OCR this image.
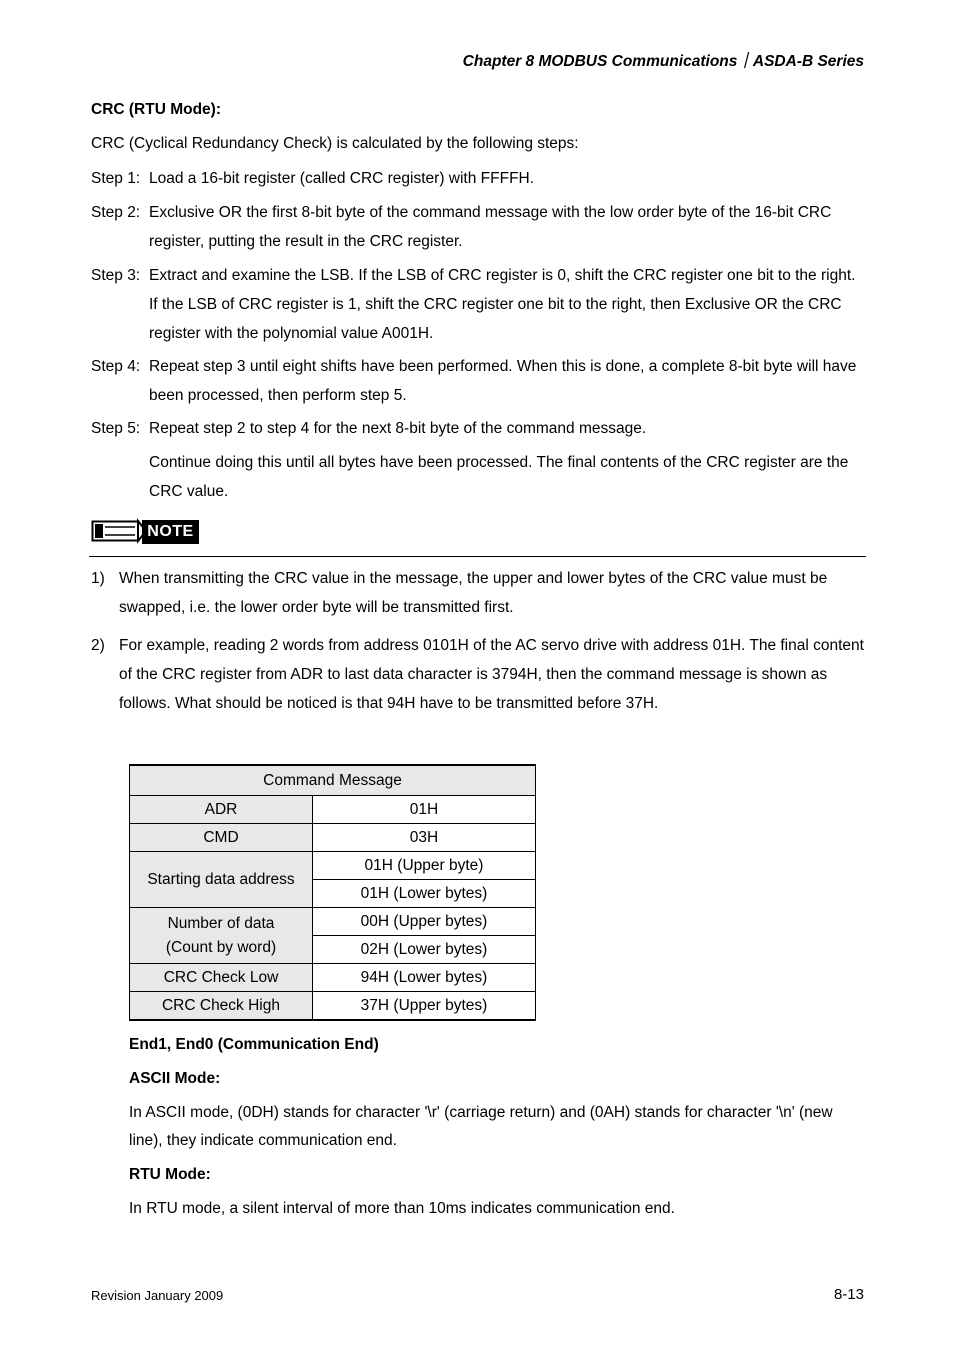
Chapter 8 MODBUS Communications｜ASDA-B Series
CRC (RTU Mode):
CRC (Cyclical Redundancy Check) is calculated by the following steps:
Step 1: Load a 16-bit register (called CRC register) with FFFFH.
Step 2: Exclusive OR the first 8-bit byte of the command message with the low order byte of the 16-bit CRC register, putting the result in the CRC register.
Step 3: Extract and examine the LSB. If the LSB of CRC register is 0, shift the CRC register one bit to the right. If the LSB of CRC register is 1, shift the CRC register one bit to the right, then Exclusive OR the CRC register with the polynomial value A001H.
Step 4: Repeat step 3 until eight shifts have been performed. When this is done, a complete 8-bit byte will have been processed, then perform step 5.
Step 5: Repeat step 2 to step 4 for the next 8-bit byte of the command message.
Continue doing this until all bytes have been processed. The final contents of the CRC register are the CRC value.
NOTE
1) When transmitting the CRC value in the message, the upper and lower bytes of the CRC value must be swapped, i.e. the lower order byte will be transmitted first.
2) For example, reading 2 words from address 0101H of the AC servo drive with address 01H. The final content of the CRC register from ADR to last data character is 3794H, then the command message is shown as follows. What should be noticed is that 94H have to be transmitted before 37H.
Command Message	
ADR	01H
CMD	03H
Starting data address	01H (Upper byte)
	01H (Lower bytes)

Number of data
(Count by word)	00H (Upper bytes)
	02H (Lower bytes)
CRC Check Low	94H (Lower bytes)
CRC Check High	37H (Upper bytes)
End1, End0 (Communication End)
ASCII Mode:
In ASCII mode, (0DH) stands for character '\r' (carriage return) and (0AH) stands for character '\n' (new line), they indicate communication end.
RTU Mode:
In RTU mode, a silent interval of more than 10ms indicates communication end.
Revision January 2009	8-13
